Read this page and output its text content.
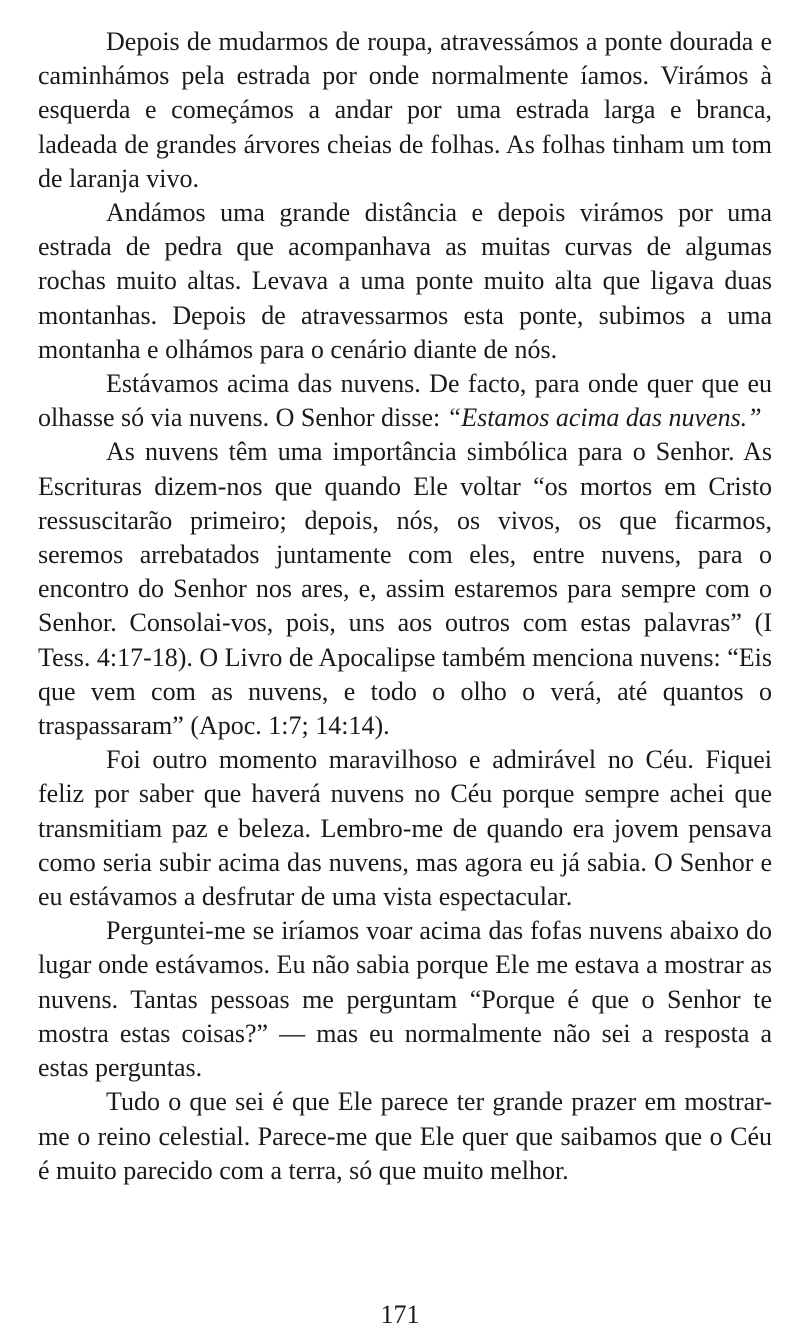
Depois de mudarmos de roupa, atravessámos a ponte dourada e caminhámos pela estrada por onde normalmente íamos. Virámos à esquerda e começámos a andar por uma estrada larga e branca, ladeada de grandes árvores cheias de folhas. As folhas tinham um tom de laranja vivo.

Andámos uma grande distância e depois virámos por uma estrada de pedra que acompanhava as muitas curvas de algumas rochas muito altas. Levava a uma ponte muito alta que ligava duas montanhas. Depois de atravessarmos esta ponte, subimos a uma montanha e olhámos para o cenário diante de nós.

Estávamos acima das nuvens. De facto, para onde quer que eu olhasse só via nuvens. O Senhor disse: “Estamos acima das nuvens.”

As nuvens têm uma importância simbólica para o Senhor. As Escrituras dizem-nos que quando Ele voltar “os mortos em Cristo ressuscitarão primeiro; depois, nós, os vivos, os que ficarmos, seremos arrebatados juntamente com eles, entre nuvens, para o encontro do Senhor nos ares, e, assim estaremos para sempre com o Senhor. Consolai-vos, pois, uns aos outros com estas palavras” (I Tess. 4:17-18). O Livro de Apocalipse também menciona nuvens: “Eis que vem com as nuvens, e todo o olho o verá, até quantos o traspassaram” (Apoc. 1:7; 14:14).

Foi outro momento maravilhoso e admirável no Céu. Fiquei feliz por saber que haverá nuvens no Céu porque sempre achei que transmitiam paz e beleza. Lembro-me de quando era jovem pensava como seria subir acima das nuvens, mas agora eu já sabia. O Senhor e eu estávamos a desfrutar de uma vista espectacular.

Perguntei-me se iríamos voar acima das fofas nuvens abaixo do lugar onde estávamos. Eu não sabia porque Ele me estava a mostrar as nuvens. Tantas pessoas me perguntam “Porque é que o Senhor te mostra estas coisas?” — mas eu normalmente não sei a resposta a estas perguntas.

Tudo o que sei é que Ele parece ter grande prazer em mostrar-me o reino celestial. Parece-me que Ele quer que saibamos que o Céu é muito parecido com a terra, só que muito melhor.

171
